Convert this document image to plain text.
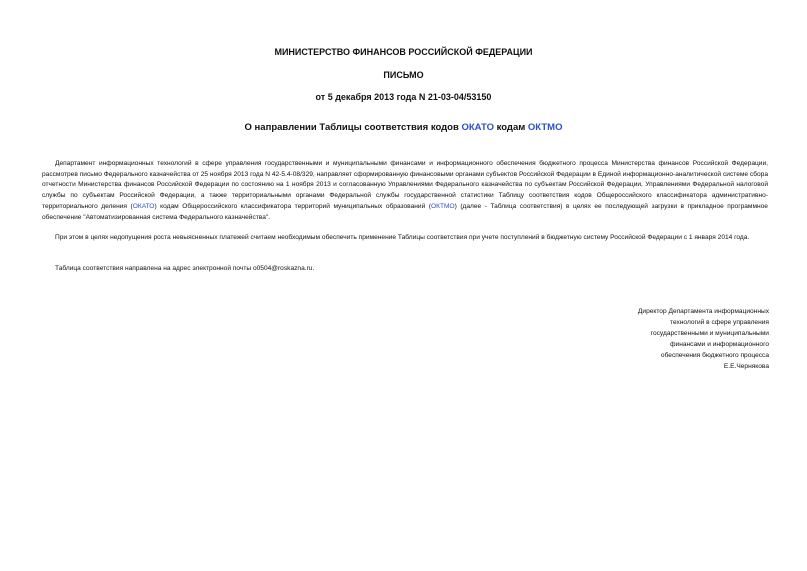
МИНИСТЕРСТВО ФИНАНСОВ РОССИЙСКОЙ ФЕДЕРАЦИИ
ПИСЬМО
от 5 декабря 2013 года N 21-03-04/53150
О направлении Таблицы соответствия кодов ОКАТО кодам ОКТМО

Департамент информационных технологий в сфере управления государственными и муниципальными финансами и информационного обеспечения бюджетного процесса Министерства финансов Российской Федерации, рассмотрев письмо Федерального казначейства от 25 ноября 2013 года N 42-5.4-08/329, направляет сформированную финансовыми органами субъектов Российской Федерации в Единой информационно-аналитической системе сбора отчетности Министерства финансов Российской Федерации по состоянию на 1 ноября 2013 и согласованную Управлениями Федерального казначейства по субъектам Российской Федерации, Управлениями Федеральной налоговой службы по субъектам Российской Федерации, а также территориальными органами Федеральной службы государственной статистики Таблицу соответствия кодов Общероссийского классификатора административно- территориального деления (ОКАТО) кодам Общероссийского классификатора территорий муниципальных образований (ОКТМО) (далее - Таблица соответствия) в целях ее последующей загрузки в прикладное программное обеспечение "Автоматизированная система Федерального казначейства".

При этом в целях недопущения роста невыясненных платежей считаем необходимым обеспечить применение Таблицы соответствия при учете поступлений в бюджетную систему Российской Федерации с 1 января 2014 года.

Таблица соответствия направлена на адрес электронной почты o0504@roskazna.ru.

Директор Департамента информационных
технологий в сфере управления
государственными и муниципальными
финансами и информационного
обеспечения бюджетного процесса
Е.Е.Чернякова
